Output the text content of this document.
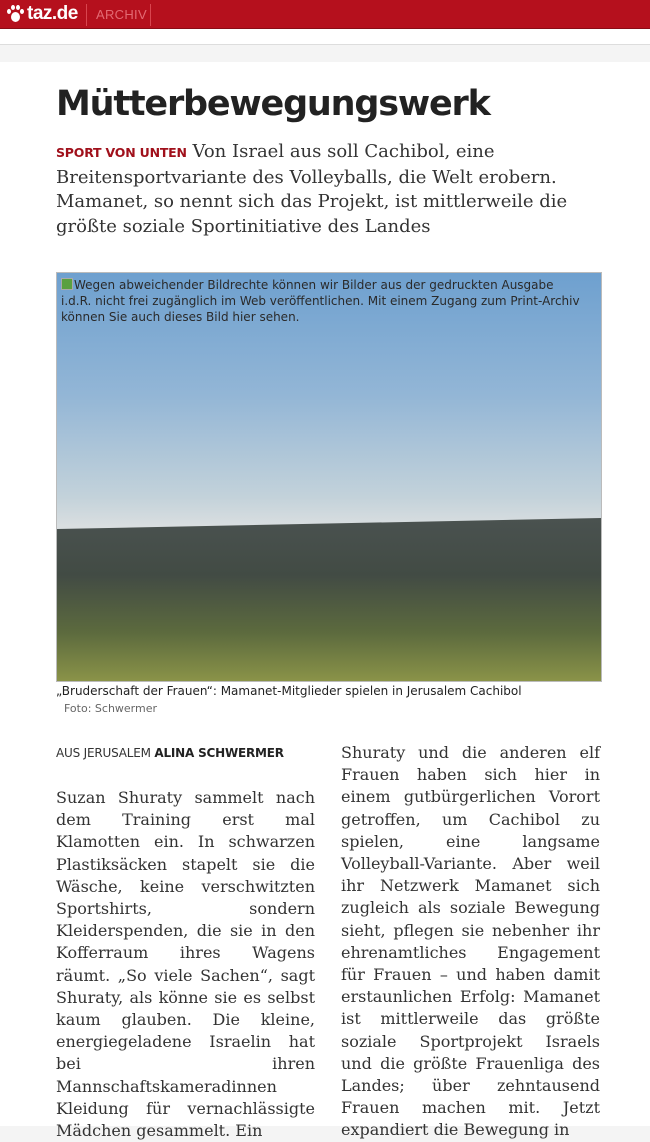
taz.de ARCHIV
Mütterbewegungswerk
SPORT VON UNTEN Von Israel aus soll Cachibol, eine Breitensportvariante des Volleyballs, die Welt erobern. Mamanet, so nennt sich das Projekt, ist mittlerweile die größte soziale Sportinitiative des Landes
Wegen abweichender Bildrechte können wir Bilder aus der gedruckten Ausgabe i.d.R. nicht frei zugänglich im Web veröffentlichen. Mit einem Zugang zum Print-Archiv können Sie auch dieses Bild hier sehen.
„Bruderschaft der Frauen“: Mamanet-Mitglieder spielen in Jerusalem Cachibol
Foto: Schwermer
AUS JERUSALEM ALINA SCHWERMER
Suzan Shuraty sammelt nach dem Training erst mal Klamotten ein. In schwarzen Plastiksäcken stapelt sie die Wäsche, keine verschwitzten Sportshirts, sondern Kleiderspenden, die sie in den Kofferraum ihres Wagens räumt. „So viele Sachen“, sagt Shuraty, als könne sie es selbst kaum glauben. Die kleine, energiegeladene Israelin hat bei ihren Mannschaftskameradinnen Kleidung für vernachlässigte Mädchen gesammelt. Ein
Shuraty und die anderen elf Frauen haben sich hier in einem gutbürgerlichen Vorort getroffen, um Cachibol zu spielen, eine langsame Volleyball-Variante. Aber weil ihr Netzwerk Mamanet sich zugleich als soziale Bewegung sieht, pflegen sie nebenher ihr ehrenamtliches Engagement für Frauen – und haben damit erstaunlichen Erfolg: Mamanet ist mittlerweile das größte soziale Sportprojekt Israels und die größte Frauenliga des Landes; über zehntausend Frauen machen mit. Jetzt expandiert die Bewegung in
